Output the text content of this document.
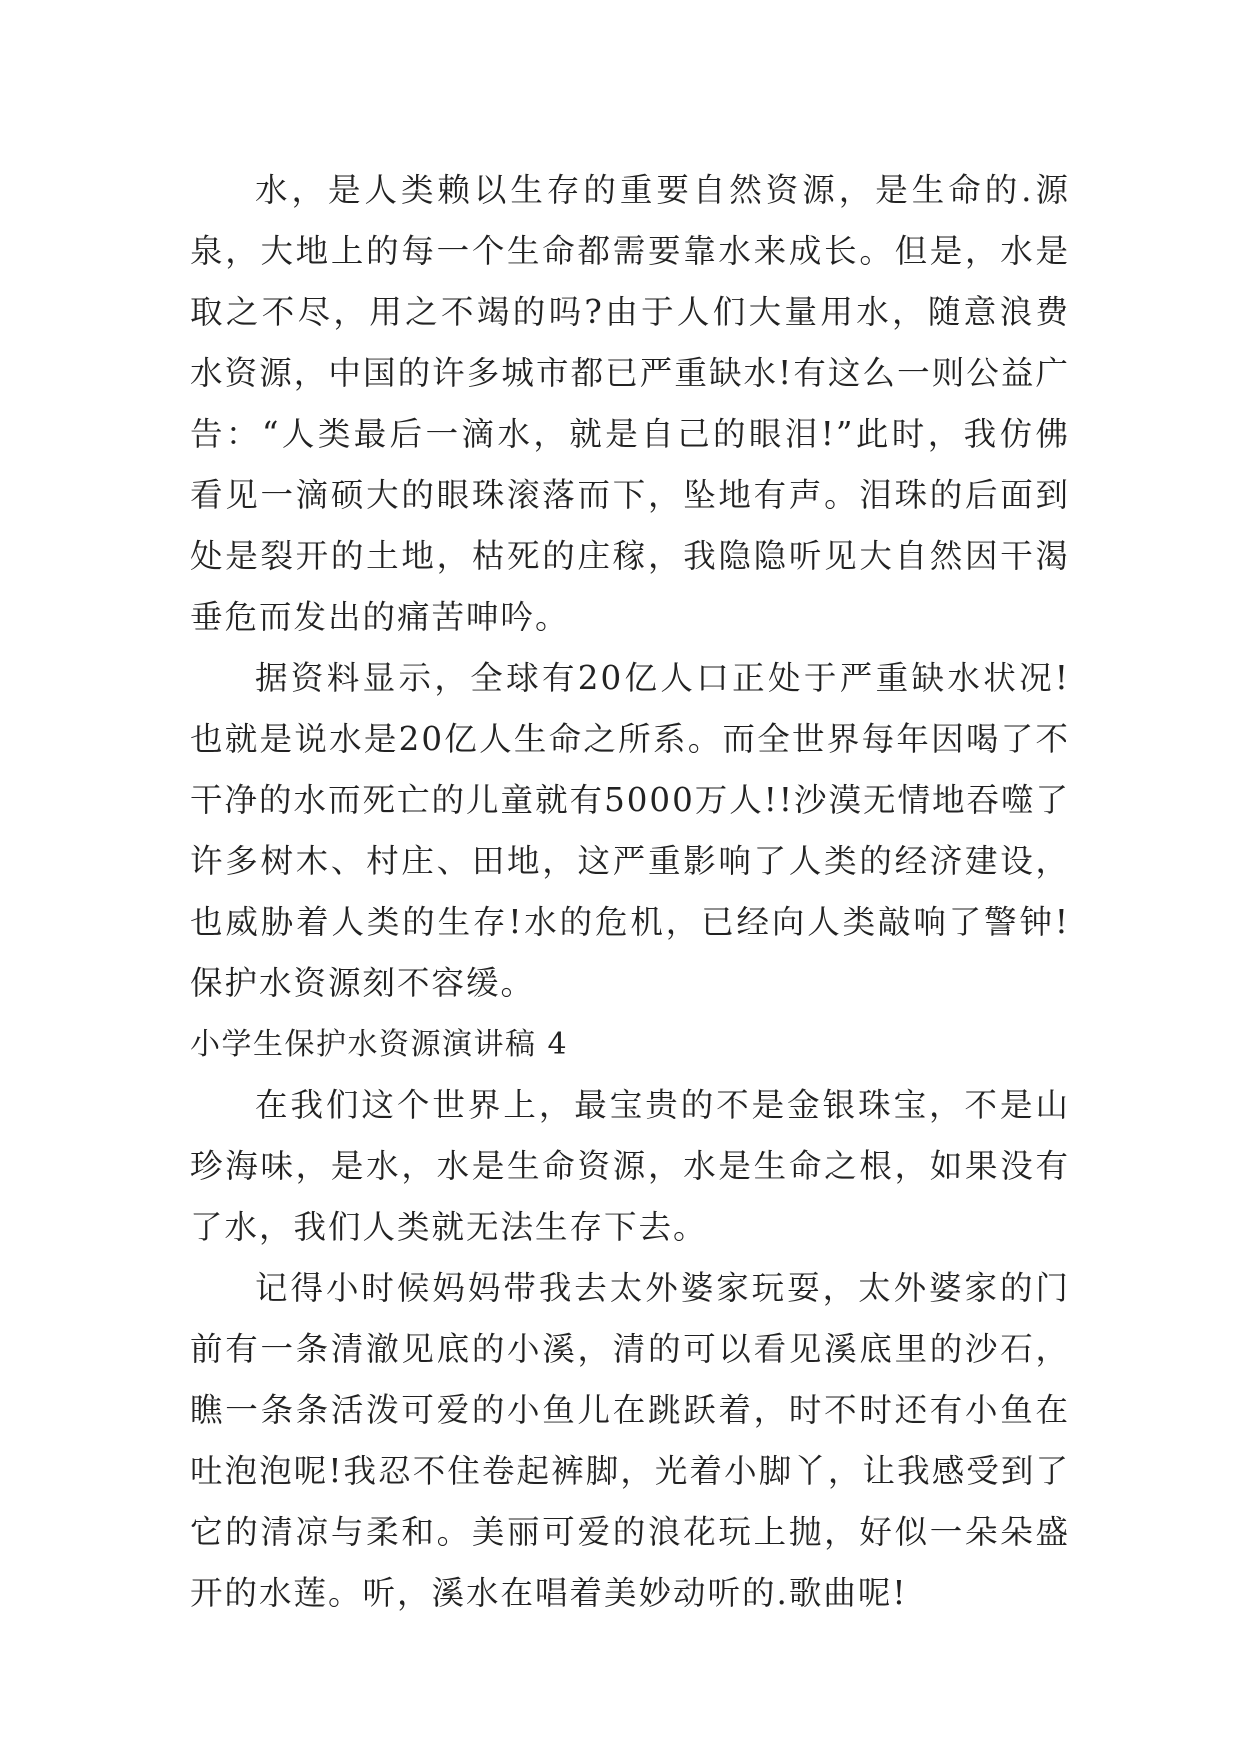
水，是人类赖以生存的重要自然资源，是生命的.源泉，大地上的每一个生命都需要靠水来成长。但是，水是取之不尽，用之不竭的吗?由于人们大量用水，随意浪费水资源，中国的许多城市都已严重缺水!有这么一则公益广告：“人类最后一滴水，就是自己的眼泪!”此时，我仿佛看见一滴硕大的眼珠滚落而下，坠地有声。泪珠的后面到处是裂开的土地，枯死的庄稼，我隐隐听见大自然因干渴垂危而发出的痛苦呻吟。

据资料显示，全球有20亿人口正处于严重缺水状况!也就是说水是20亿人生命之所系。而全世界每年因喝了不干净的水而死亡的儿童就有5000万人!!沙漠无情地吞噬了许多树木、村庄、田地，这严重影响了人类的经济建设，也威胁着人类的生存!水的危机，已经向人类敲响了警钟!保护水资源刻不容缓。

小学生保护水资源演讲稿 4

在我们这个世界上，最宝贵的不是金银珠宝，不是山珍海味，是水，水是生命资源，水是生命之根，如果没有了水，我们人类就无法生存下去。

记得小时候妈妈带我去太外婆家玩耍，太外婆家的门前有一条清澈见底的小溪，清的可以看见溪底里的沙石，瞧一条条活泼可爱的小鱼儿在跳跃着，时不时还有小鱼在吐泡泡呢!我忍不住卷起裤脚，光着小脚丫，让我感受到了它的清凉与柔和。美丽可爱的浪花玩上抛，好似一朵朵盛开的水莲。听，溪水在唱着美妙动听的.歌曲呢!
